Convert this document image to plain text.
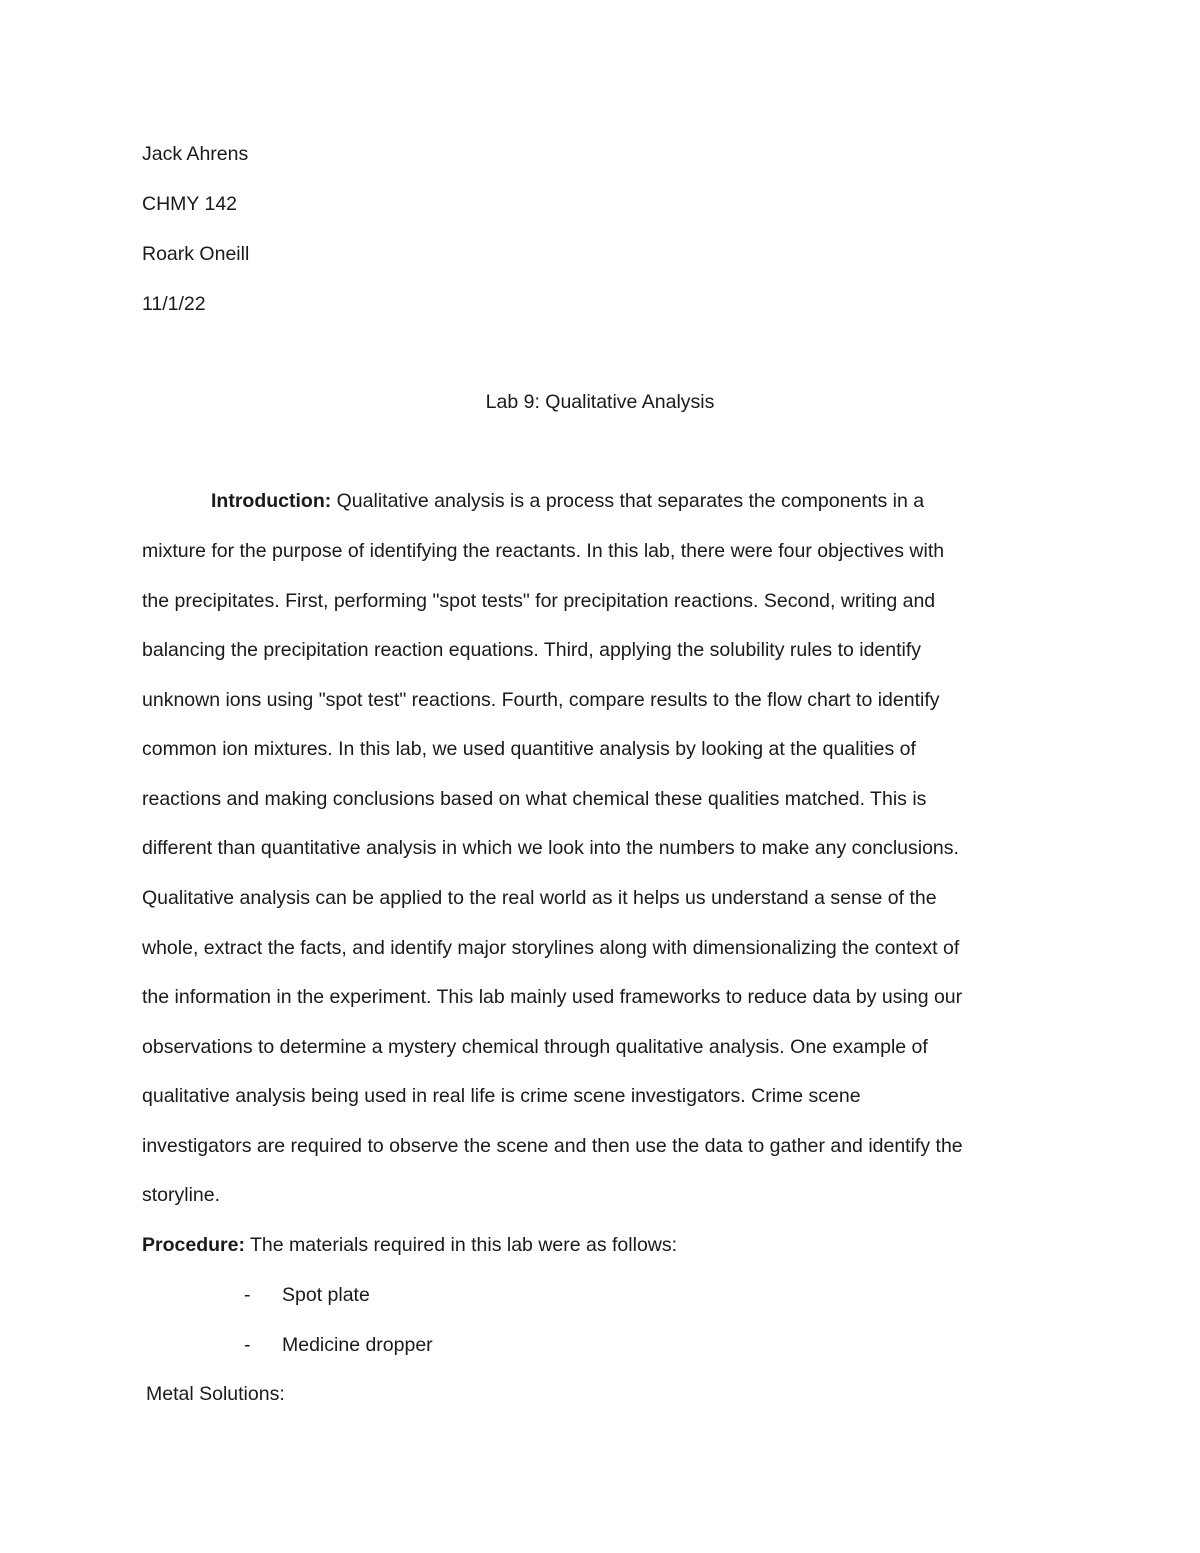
Jack Ahrens
CHMY 142
Roark Oneill
11/1/22
Lab 9: Qualitative Analysis
Introduction: Qualitative analysis is a process that separates the components in a
mixture for the purpose of identifying the reactants. In this lab, there were four objectives with
the precipitates. First, performing "spot tests" for precipitation reactions. Second, writing and
balancing the precipitation reaction equations. Third, applying the solubility rules to identify
unknown ions using "spot test" reactions. Fourth, compare results to the flow chart to identify
common ion mixtures. In this lab, we used quantitive analysis by looking at the qualities of
reactions and making conclusions based on what chemical these qualities matched. This is
different than quantitative analysis in which we look into the numbers to make any conclusions.
Qualitative analysis can be applied to the real world as it helps us understand a sense of the
whole, extract the facts, and identify major storylines along with dimensionalizing the context of
the information in the experiment. This lab mainly used frameworks to reduce data by using our
observations to determine a mystery chemical through qualitative analysis. One example of
qualitative analysis being used in real life is crime scene investigators. Crime scene
investigators are required to observe the scene and then use the data to gather and identify the
storyline.
Procedure: The materials required in this lab were as follows:
- Spot plate
- Medicine dropper
Metal Solutions:
